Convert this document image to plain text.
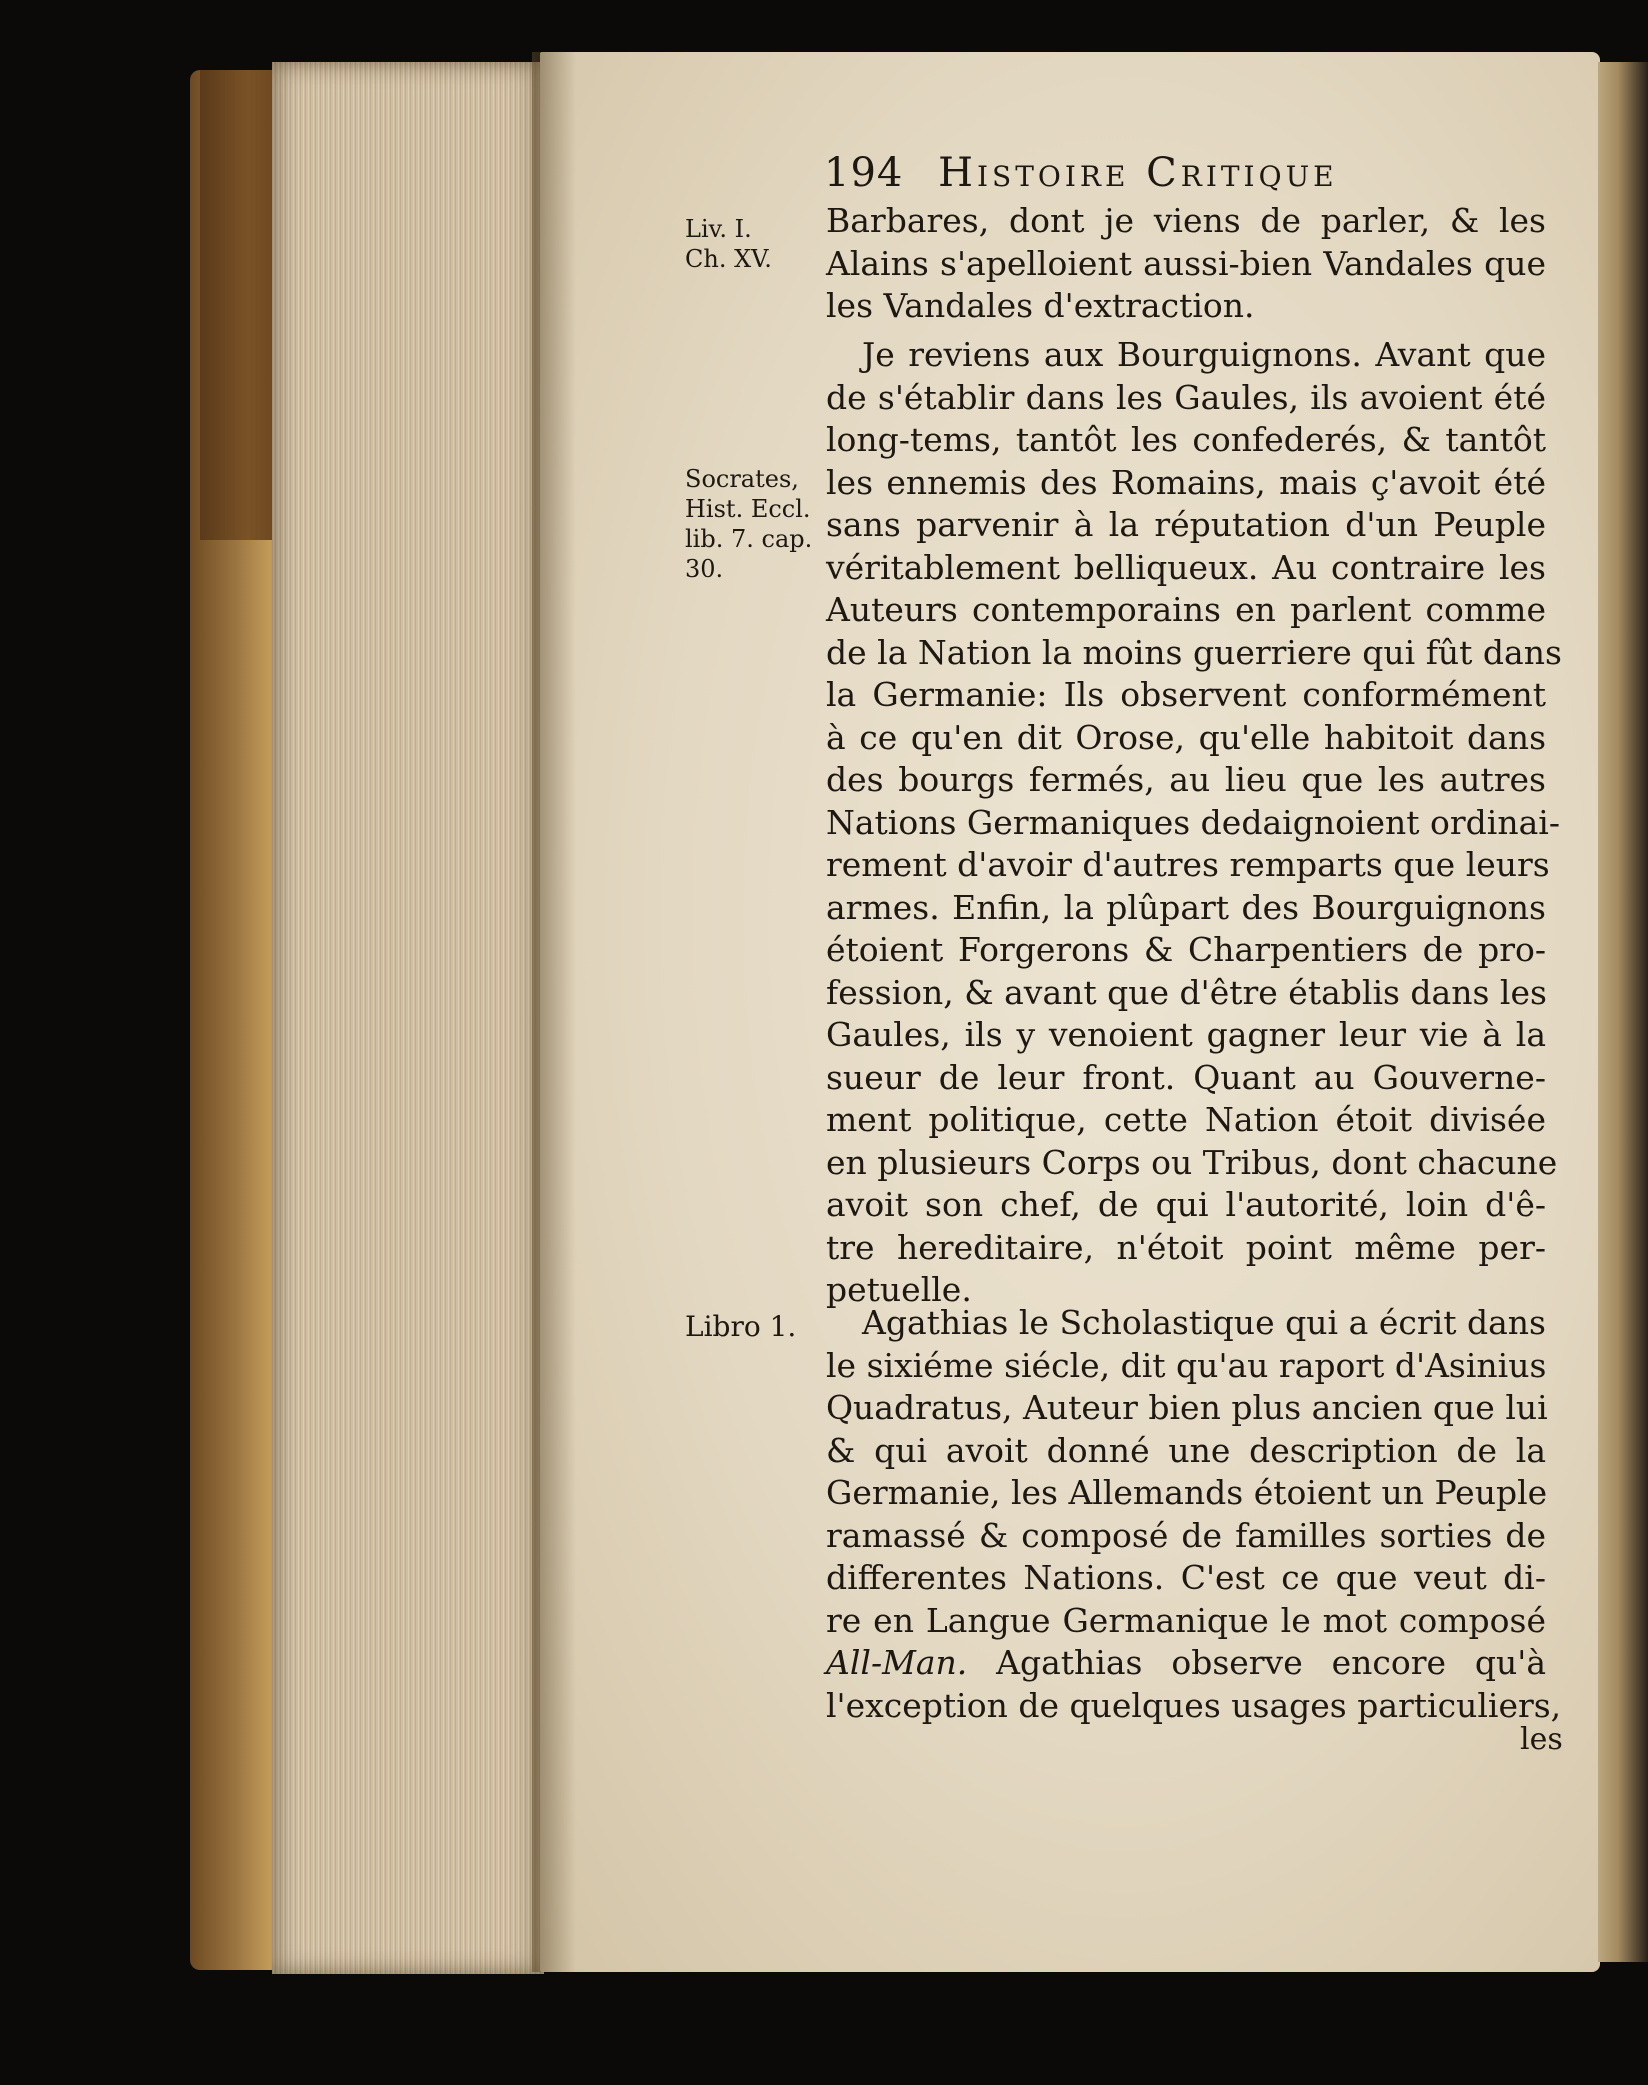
194 Histoire Critique
Liv. I.
Ch. XV.
Socrates,
Hist. Eccl.
lib. 7. cap.
30.
Libro 1.
Barbares, dont je viens de parler, & les
Alains s'apelloient aussi-bien Vandales que
les Vandales d'extraction.
Je reviens aux Bourguignons. Avant que
de s'établir dans les Gaules, ils avoient été
long-tems, tantôt les confederés, & tantôt
les ennemis des Romains, mais ç'avoit été
sans parvenir à la réputation d'un Peuple
véritablement belliqueux. Au contraire les
Auteurs contemporains en parlent comme
de la Nation la moins guerriere qui fût dans
la Germanie: Ils observent conformément
à ce qu'en dit Orose, qu'elle habitoit dans
des bourgs fermés, au lieu que les autres
Nations Germaniques dedaignoient ordinai-
rement d'avoir d'autres remparts que leurs
armes. Enfin, la plûpart des Bourguignons
étoient Forgerons & Charpentiers de pro-
fession, & avant que d'être établis dans les
Gaules, ils y venoient gagner leur vie à la
sueur de leur front. Quant au Gouverne-
ment politique, cette Nation étoit divisée
en plusieurs Corps ou Tribus, dont chacune
avoit son chef, de qui l'autorité, loin d'ê-
tre hereditaire, n'étoit point même per-
petuelle.
Agathias le Scholastique qui a écrit dans
le sixiéme siécle, dit qu'au raport d'Asinius
Quadratus, Auteur bien plus ancien que lui
& qui avoit donné une description de la
Germanie, les Allemands étoient un Peuple
ramassé & composé de familles sorties de
differentes Nations. C'est ce que veut di-
re en Langue Germanique le mot composé
All-Man. Agathias observe encore qu'à
l'exception de quelques usages particuliers,
les
